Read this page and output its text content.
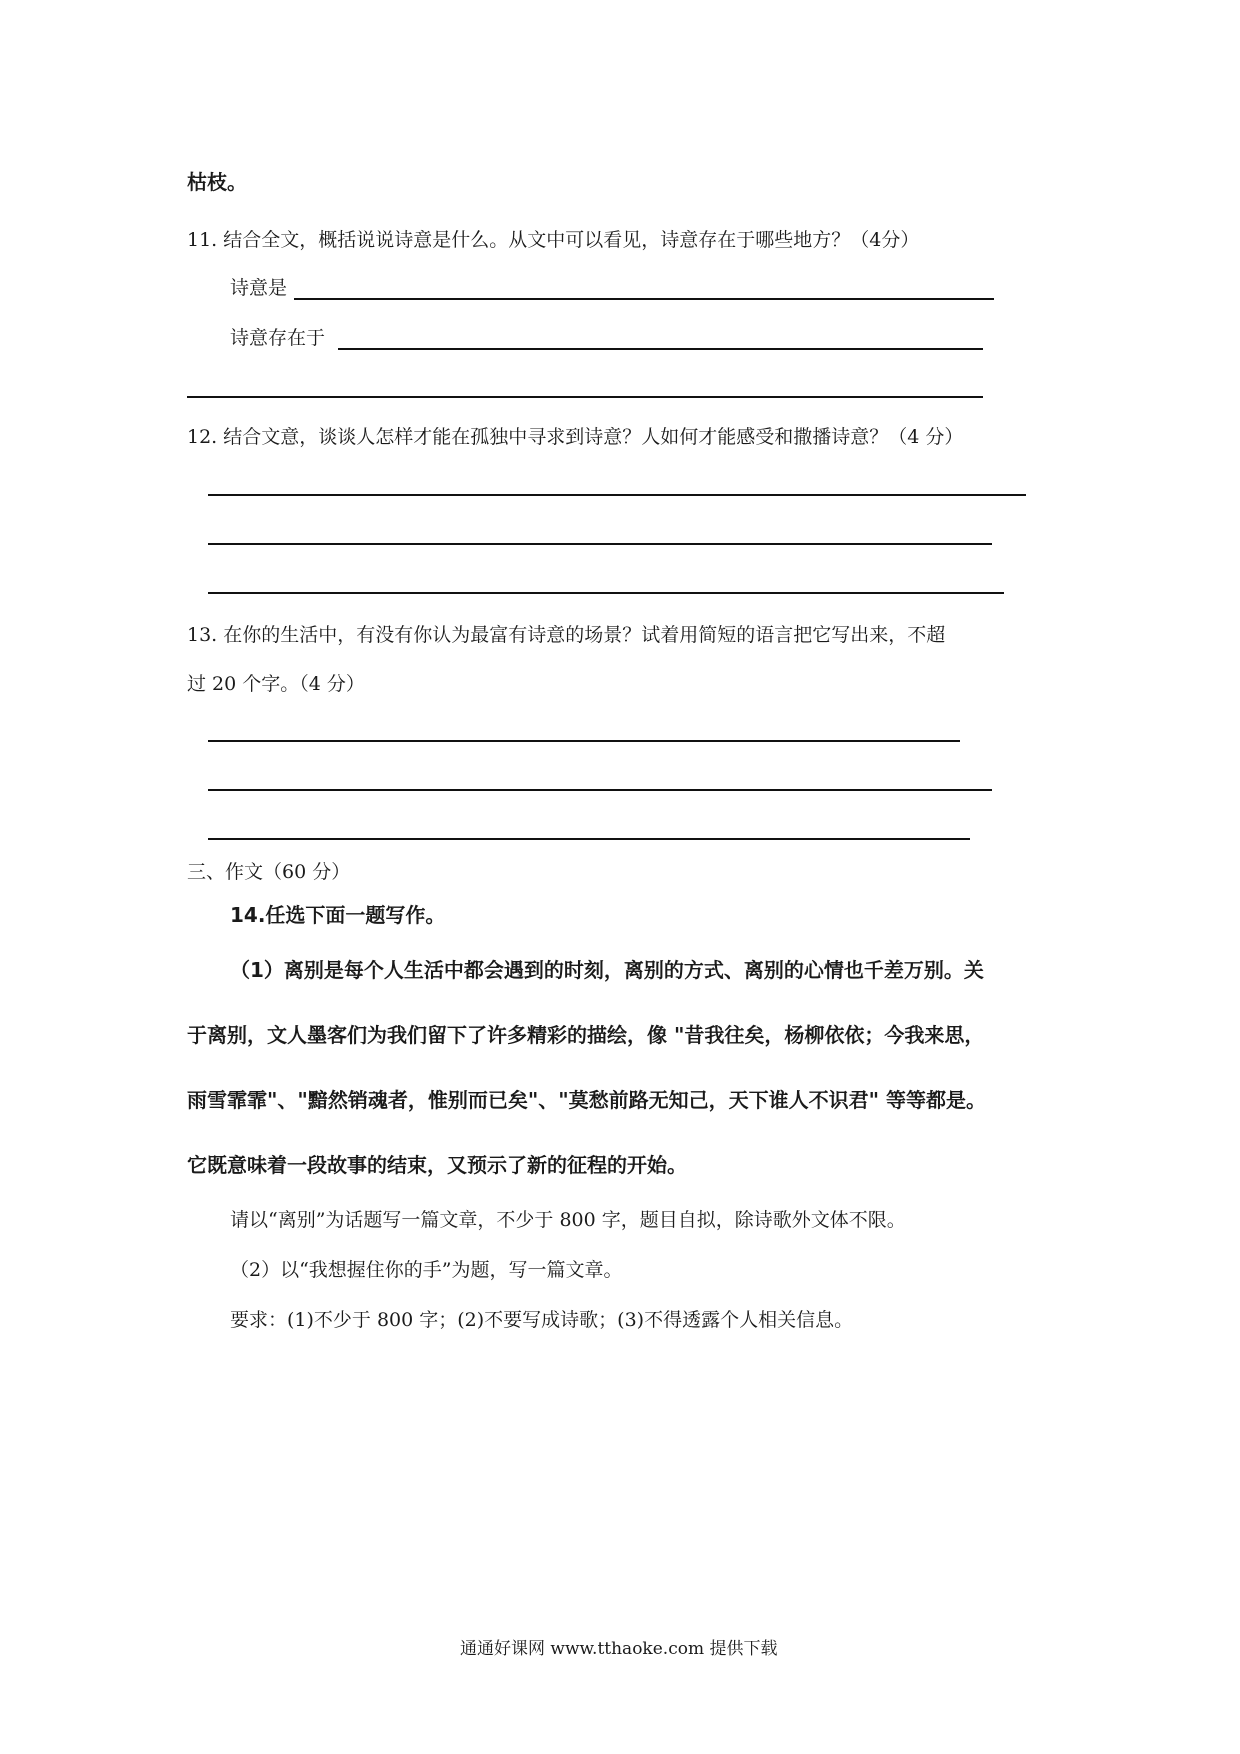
枯枝。
11. 结合全文，概括说说诗意是什么。从文中可以看见，诗意存在于哪些地方？（4分）
诗意是
诗意存在于
12. 结合文意，谈谈人怎样才能在孤独中寻求到诗意？人如何才能感受和撒播诗意？（4 分）
13. 在你的生活中，有没有你认为最富有诗意的场景？试着用简短的语言把它写出来，不超
过 20 个字。（4 分）
三、作文（60 分）
14.任选下面一题写作。
（1）离别是每个人生活中都会遇到的时刻，离别的方式、离别的心情也千差万别。关
于离别，文人墨客们为我们留下了许多精彩的描绘，像 "昔我往矣，杨柳依依；今我来思，
雨雪霏霏"、"黯然销魂者，惟别而已矣"、"莫愁前路无知己，天下谁人不识君" 等等都是。
它既意味着一段故事的结束，又预示了新的征程的开始。
请以“离别”为话题写一篇文章，不少于 800 字，题目自拟，除诗歌外文体不限。
（2）以“我想握住你的手”为题，写一篇文章。
要求：(1)不少于 800 字；(2)不要写成诗歌；(3)不得透露个人相关信息。
通通好课网 www.tthaoke.com 提供下载
